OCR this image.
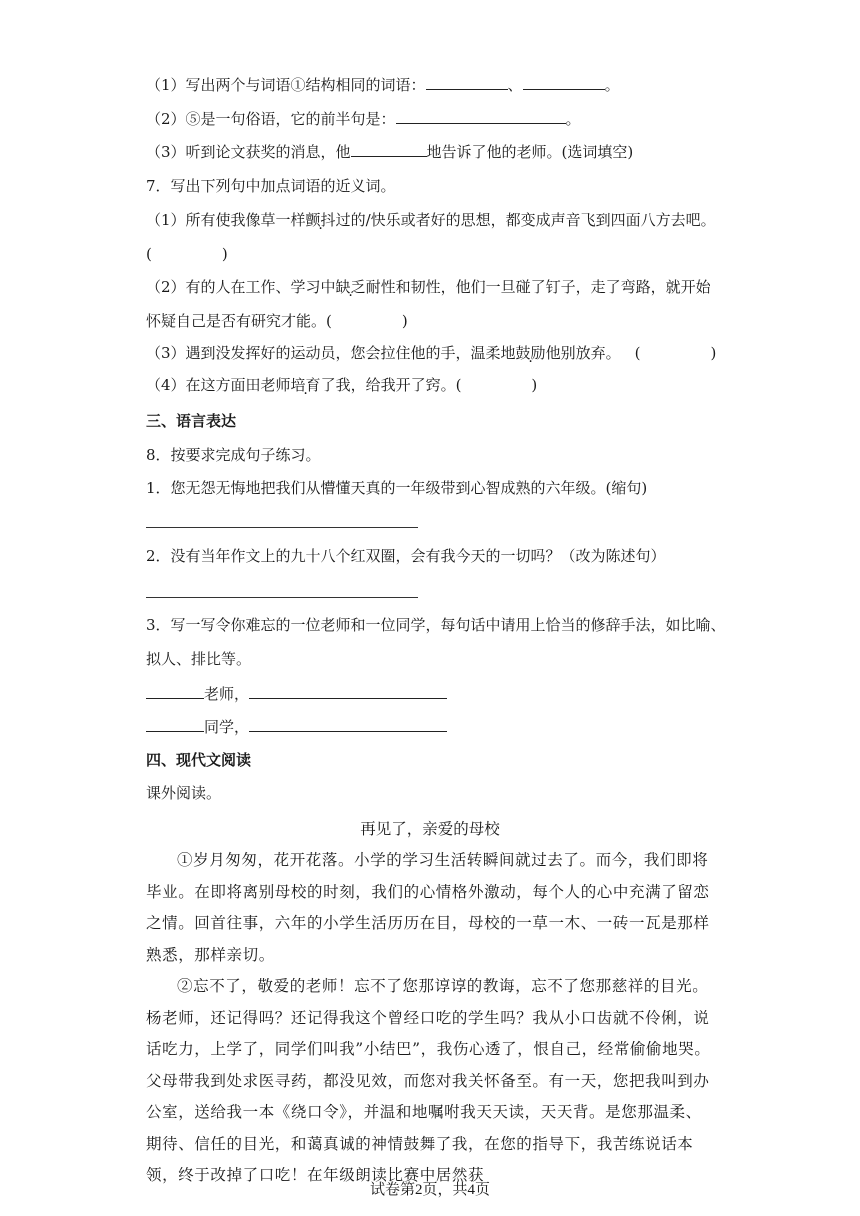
（1）写出两个与词语①结构相同的词语：	、	。
（2）⑤是一句俗语，它的前半句是：	。
（3）听到论文获奖的消息，他	地告诉了他的老师。(选词填空)
7．写出下列句中加点词语的近义词。
（1）所有使我像草一样颤抖过的/快乐或者好的思想，都变成声音飞到四面八方去吧。
(	)
（2）有的人在工作、学习中缺乏耐性和韧性，他们一旦碰了钉子，走了弯路，就开始
怀疑自己是否有研究才能。(	)
（3）遇到没发挥好的运动员，您会拉住他的手，温柔地鼓励他别放弃。 (	)
（4）在这方面田老师培育了我，给我开了窍。(	)
三、语言表达
8．按要求完成句子练习。
1．您无怨无悔地把我们从懵懂天真的一年级带到心智成熟的六年级。(缩句)
2．没有当年作文上的九十八个红双圈，会有我今天的一切吗？（改为陈述句）
3．写一写令你难忘的一位老师和一位同学，每句话中请用上恰当的修辞手法，如比喻、
拟人、排比等。
老师，
同学，
四、现代文阅读
课外阅读。
再见了，亲爱的母校

①岁月匆匆，花开花落。小学的学习生活转瞬间就过去了。而今，我们即将毕业。在即将离别母校的时刻，我们的心情格外激动，每个人的心中充满了留恋之情。回首往事，六年的小学生活历历在目，母校的一草一木、一砖一瓦是那样熟悉，那样亲切。

②忘不了，敬爱的老师！忘不了您那谆谆的教诲，忘不了您那慈祥的目光。杨老师，还记得吗？还记得我这个曾经口吃的学生吗？我从小口齿就不伶俐，说话吃力，上学了，同学们叫我”小结巴”，我伤心透了，恨自己，经常偷偷地哭。父母带我到处求医寻药，都没见效，而您对我关怀备至。有一天，您把我叫到办公室，送给我一本《绕口令》，并温和地嘱咐我天天读，天天背。是您那温柔、期待、信任的目光，和蔼真诚的神情鼓舞了我，在您的指导下，我苦练说话本领，终于改掉了口吃！在年级朗读比赛中居然获

试卷第2页，共4页
